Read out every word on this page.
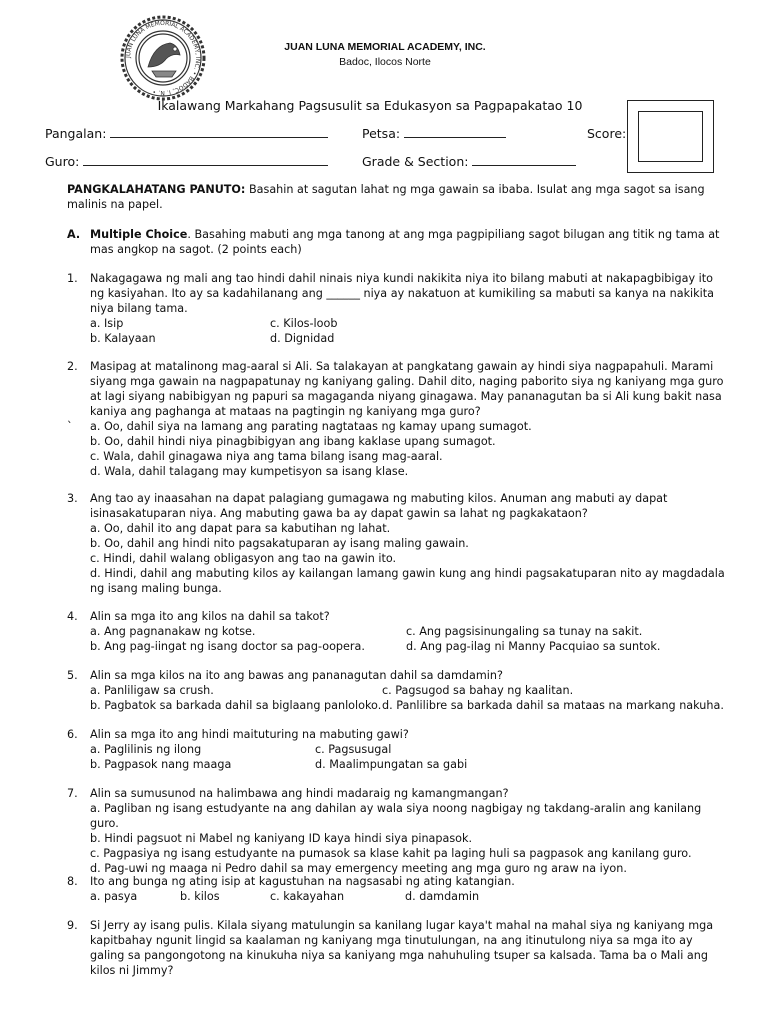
JUAN LUNA MEMORIAL ACADEMY, INC. • BADOC, I. N. •
JUAN LUNA MEMORIAL ACADEMY, INC.
Badoc, Ilocos Norte
Ikalawang Markahang Pagsusulit sa Edukasyon sa Pagpapakatao 10
Pangalan:	Petsa:	Score:
Guro:	Grade & Section:
PANGKALAHATANG PANUTO: Basahin at sagutan lahat ng mga gawain sa ibaba. Isulat ang mga sagot sa isang malinis na papel.
A. Multiple Choice. Basahing mabuti ang mga tanong at ang mga pagpipiliang sagot bilugan ang titik ng tama at mas angkop na sagot. (2 points each)
1. Nakagagawa ng mali ang tao hindi dahil ninais niya kundi nakikita niya ito bilang mabuti at nakapagbibigay ito ng kasiyahan. Ito ay sa kadahilanang ang ______ niya ay nakatuon at kumikiling sa mabuti sa kanya na nakikita niya bilang tama.
a. Isip	c. Kilos-loob
b. Kalayaan	d. Dignidad
2. Masipag at matalinong mag-aaral si Ali. Sa talakayan at pangkatang gawain ay hindi siya nagpapahuli. Marami siyang mga gawain na nagpapatunay ng kaniyang galing. Dahil dito, naging paborito siya ng kaniyang mga guro at lagi siyang nabibigyan ng papuri sa magaganda niyang ginagawa. May pananagutan ba si Ali kung bakit nasa kaniya ang paghanga at mataas na pagtingin ng kaniyang mga guro?
` a. Oo, dahil siya na lamang ang parating nagtataas ng kamay upang sumagot.
b. Oo, dahil hindi niya pinagbibigyan ang ibang kaklase upang sumagot.
c. Wala, dahil ginagawa niya ang tama bilang isang mag-aaral.
d. Wala, dahil talagang may kumpetisyon sa isang klase.
3. Ang tao ay inaasahan na dapat palagiang gumagawa ng mabuting kilos. Anuman ang mabuti ay dapat isinasakatuparan niya. Ang mabuting gawa ba ay dapat gawin sa lahat ng pagkakataon?
a. Oo, dahil ito ang dapat para sa kabutihan ng lahat.
b. Oo, dahil ang hindi nito pagsakatuparan ay isang maling gawain.
c. Hindi, dahil walang obligasyon ang tao na gawin ito.
d. Hindi, dahil ang mabuting kilos ay kailangan lamang gawin kung ang hindi pagsakatuparan nito ay magdadala ng isang maling bunga.
4. Alin sa mga ito ang kilos na dahil sa takot?
a. Ang pagnanakaw ng kotse.	c. Ang pagsisinungaling sa tunay na sakit.
b. Ang pag-iingat ng isang doctor sa pag-oopera.	d. Ang pag-ilag ni Manny Pacquiao sa suntok.
5. Alin sa mga kilos na ito ang bawas ang pananagutan dahil sa damdamin?
a. Panliligaw sa crush.	c. Pagsugod sa bahay ng kaalitan.
b. Pagbatok sa barkada dahil sa biglaang panloloko. d. Panlilibre sa barkada dahil sa mataas na markang nakuha.
6. Alin sa mga ito ang hindi maituturing na mabuting gawi?
a. Paglilinis ng ilong	c. Pagsusugal
b. Pagpasok nang maaga	d. Maalimpungatan sa gabi
7. Alin sa sumusunod na halimbawa ang hindi madaraig ng kamangmangan?
a. Pagliban ng isang estudyante na ang dahilan ay wala siya noong nagbigay ng takdang-aralin ang kanilang guro.
b. Hindi pagsuot ni Mabel ng kaniyang ID kaya hindi siya pinapasok.
c. Pagpasiya ng isang estudyante na pumasok sa klase kahit pa laging huli sa pagpasok ang kanilang guro.
d. Pag-uwi ng maaga ni Pedro dahil sa may emergency meeting ang mga guro ng araw na iyon.
8. Ito ang bunga ng ating isip at kagustuhan na nagsasabi ng ating katangian.
a. pasya	b. kilos	c. kakayahan	d. damdamin
9. Si Jerry ay isang pulis. Kilala siyang matulungin sa kanilang lugar kaya't mahal na mahal siya ng kaniyang mga kapitbahay ngunit lingid sa kaalaman ng kaniyang mga tinutulungan, na ang itinutulong niya sa mga ito ay galing sa pangongotong na kinukuha niya sa kaniyang mga nahuhuling tsuper sa kalsada. Tama ba o Mali ang kilos ni Jimmy?
